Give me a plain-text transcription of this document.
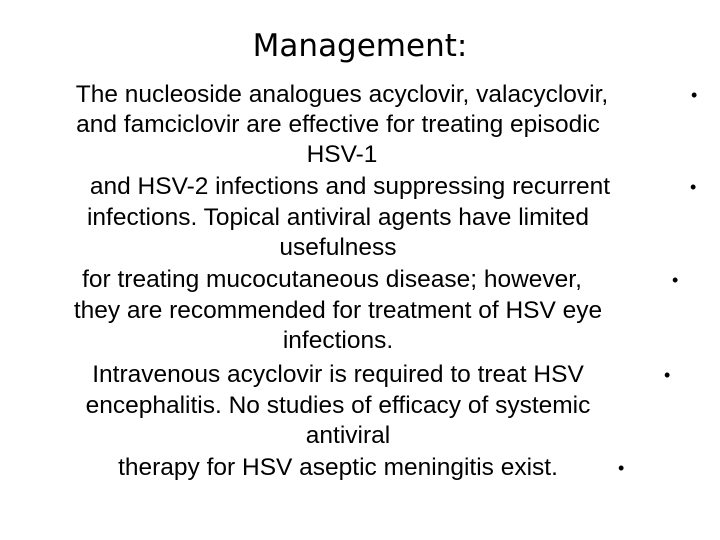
Management:
The nucleoside analogues acyclovir, valacyclovir,
and famciclovir are effective for treating episodic
HSV-1
and HSV-2 infections and suppressing recurrent
infections. Topical antiviral agents have limited
usefulness
for treating mucocutaneous disease; however,
they are recommended for treatment of HSV eye
infections.
Intravenous acyclovir is required to treat HSV
encephalitis. No studies of efficacy of systemic
antiviral
therapy for HSV aseptic meningitis exist.
•
•
•
•
•
